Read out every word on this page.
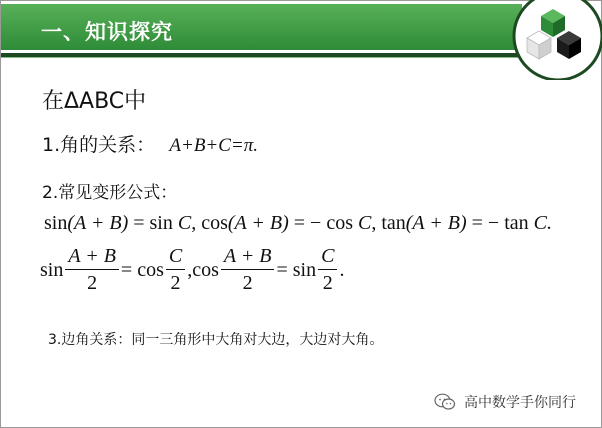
一、知识探究
在ΔABC中
1.角的关系： A+B+C=π.
2.常见变形公式：
sin(A + B) = sin C, cos(A + B) = − cos C, tan(A + B) = − tan C.
$\sin \frac{A + B}{2} = \cos \frac{C}{2}$ , $\cos \frac{A + B}{2} = \sin \frac{C}{2}$ .
3.边角关系：同一三角形中大角对大边，大边对大角。
高中数学手你同行
